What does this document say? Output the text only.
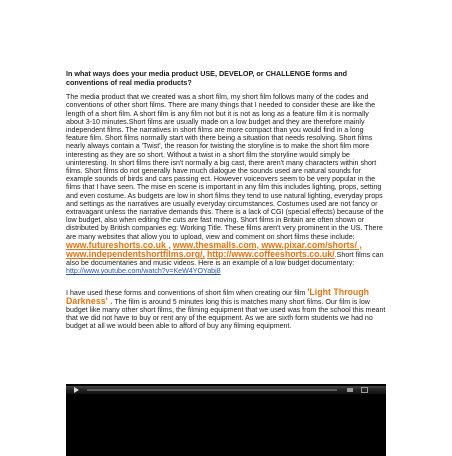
In what ways does your media product USE, DEVELOP, or CHALLENGE forms and conventions of real media products?

The media product that we created was a short film, my short film follows many of the codes and conventions of other short films. There are many things that I needed to consider these are like the length of a short film. A short film is any film not but it is not as long as a feature film it is normally about 3-10 minutes.Short films are usually made on a low budget and they are therefore mainly independent films. The narratives in short films are more compact than you would find in a long feature film. Short films normally start with there being a situation that needs resolving. Short films nearly always contain a 'Twist', the reason for twisting the storyline is to make the short film more interesting as they are so short. Without a twist in a short film the storyline would simply be uninteresting. In short films there isn't normally a big cast, there aren't many characters within short films. Short films do not generally have much dialogue the sounds used are natural sounds for example sounds of birds and cars passing ect. However voiceovers seem to be very popular in the films that I have seen. The mise en scene is important in any film this includes lighting, props, setting and even costume. As budgets are low in short films they tend to use natural lighting, everyday props and settings as the narratives are usually everyday circumstances. Costumes used are not fancy or extravagant unless the narrative demands this. There is a lack of CGI (special effects) because of the low budget, also when editing the cuts are fast moving. Short films in Britain are often shown or distributed by British companies eg: Working Title. These films aren't very prominent in the US. There are many websites that allow you to upload, view and comment on short films these include: www.futureshorts.co.uk , www.thesmalls.com, www.pixar.com/shorts/ , www.independentshortfilms.org/, http://www.coffeeshorts.co.uk/.Short films can also be documentaries and music videos. Here is an example of a low budget documentary: http://www.youtube.com/watch?v=KeW4YOYabj8

I have used these forms and conventions of short film when creating our film 'Light Through Darkness' . The film is around 5 minutes long this is matches many short films. Our film is low budget like many other short films, the filming equipment that we used was from the school this meant that we did not have to buy or rent any of the equipment. As we are sixth form students we had no budget at all we would been able to afford of buy any filming equipment.
